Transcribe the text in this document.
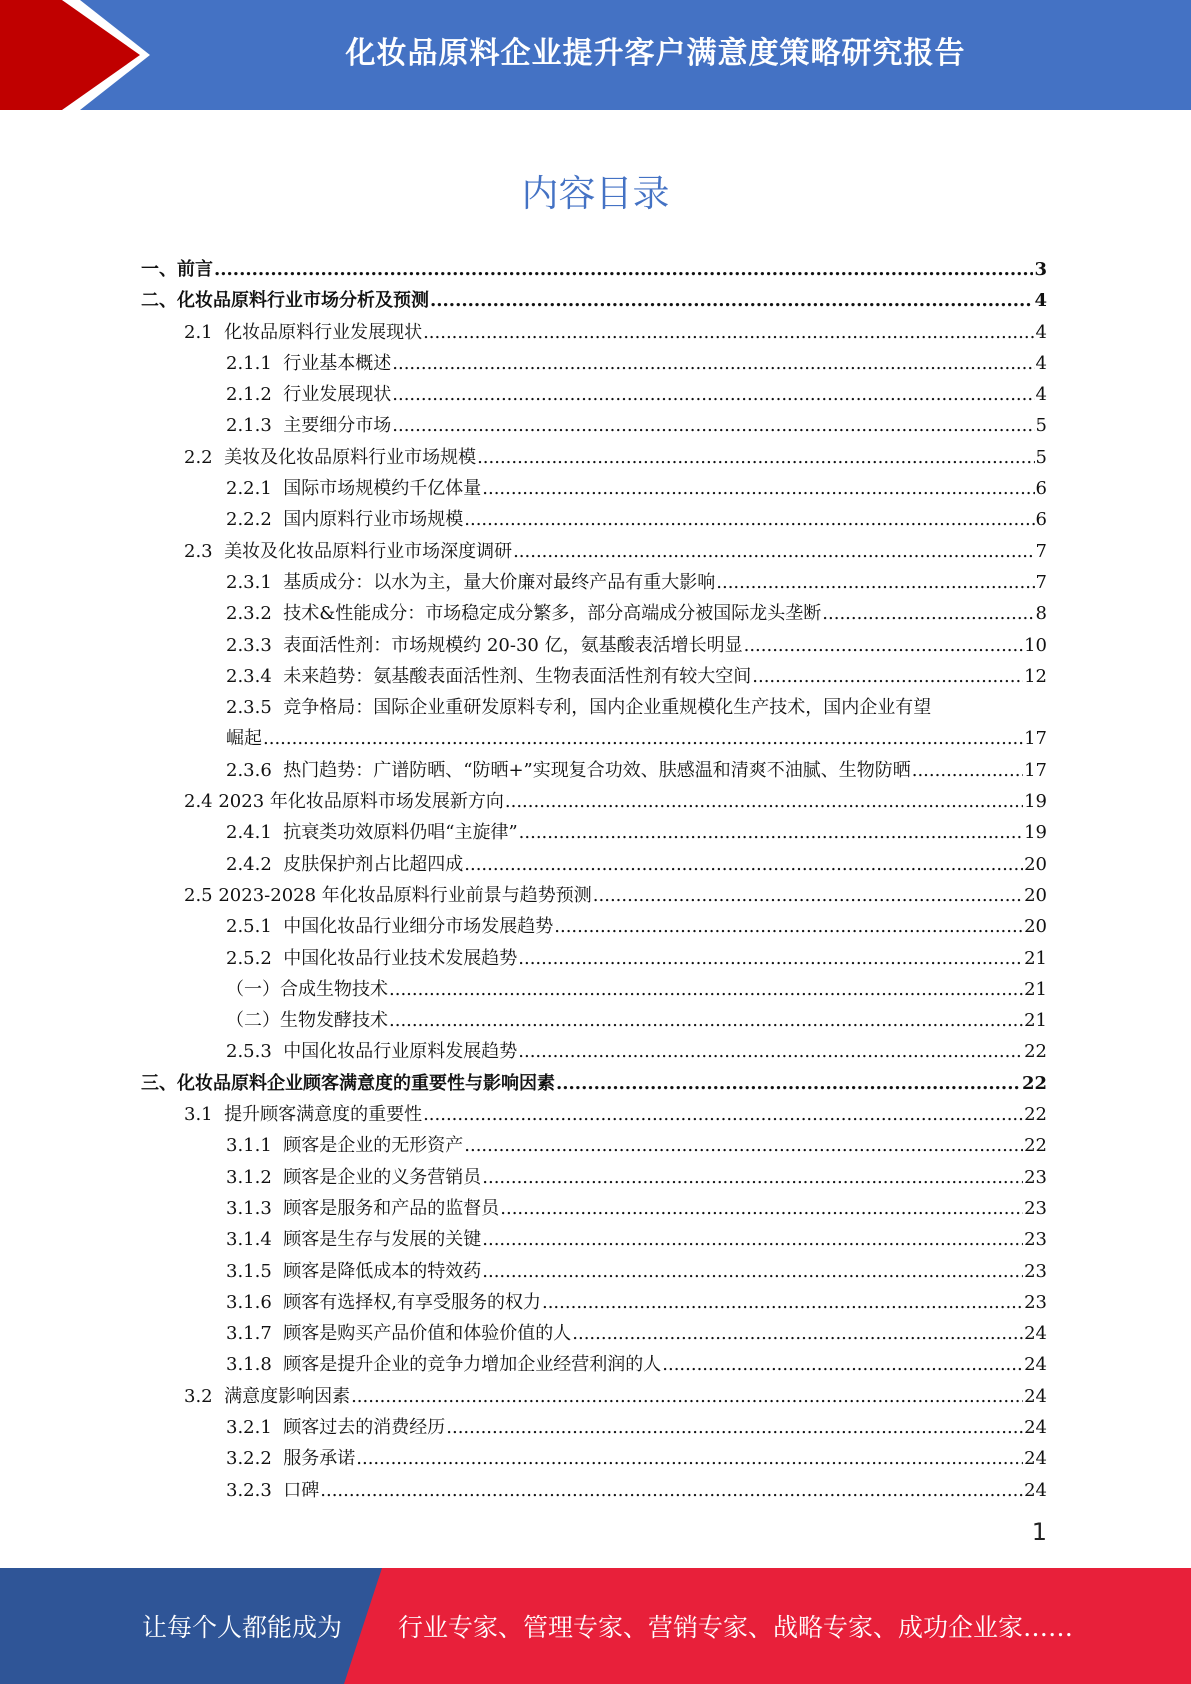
化妆品原料企业提升客户满意度策略研究报告
内容目录
一、 前言 .....	3
二、 化妆品原料行业市场分析及预测 .....	4
2.1 化妆品原料行业发展现状 .....	4
2.1.1 行业基本概述 .....	4
2.1.2 行业发展现状 .....	4
2.1.3 主要细分市场 .....	5
2.2 美妆及化妆品原料行业市场规模 .....	5
2.2.1 国际市场规模约千亿体量 .....	6
2.2.2 国内原料行业市场规模 .....	6
2.3 美妆及化妆品原料行业市场深度调研 .....	7
2.3.1 基质成分：以水为主，量大价廉对最终产品有重大影响 .....	7
2.3.2 技术&性能成分：市场稳定成分繁多，部分高端成分被国际龙头垄断 .....	8
2.3.3 表面活性剂：市场规模约 20-30 亿，氨基酸表活增长明显 .....	10
2.3.4 未来趋势：氨基酸表面活性剂、生物表面活性剂有较大空间 .....	12
2.3.5 竞争格局：国际企业重研发原料专利，国内企业重规模化生产技术，国内企业有望
崛起 .....	17
2.3.6 热门趋势：广谱防晒、“防晒+”实现复合功效、肤感温和清爽不油腻、生物防晒 .....	17
2.4 2023 年化妆品原料市场发展新方向 .....	19
2.4.1 抗衰类功效原料仍唱“主旋律” .....	19
2.4.2 皮肤保护剂占比超四成 .....	20
2.5 2023-2028 年化妆品原料行业前景与趋势预测 .....	20
2.5.1 中国化妆品行业细分市场发展趋势 .....	20
2.5.2 中国化妆品行业技术发展趋势 .....	21
（一）合成生物技术 .....	21
（二）生物发酵技术 .....	21
2.5.3 中国化妆品行业原料发展趋势 .....	22
三、 化妆品原料企业顾客满意度的重要性与影响因素 .....	22
3.1 提升顾客满意度的重要性 .....	22
3.1.1 顾客是企业的无形资产 .....	22
3.1.2 顾客是企业的义务营销员 .....	23
3.1.3 顾客是服务和产品的监督员 .....	23
3.1.4 顾客是生存与发展的关键 .....	23
3.1.5 顾客是降低成本的特效药 .....	23
3.1.6 顾客有选择权,有享受服务的权力 .....	23
3.1.7 顾客是购买产品价值和体验价值的人 .....	24
3.1.8 顾客是提升企业的竞争力增加企业经营利润的人 .....	24
3.2 满意度影响因素 .....	24
3.2.1 顾客过去的消费经历 .....	24
3.2.2 服务承诺 .....	24
3.2.3 口碑 .....	24
1
让每个人都能成为 行业专家、管理专家、营销专家、战略专家、成功企业家……
